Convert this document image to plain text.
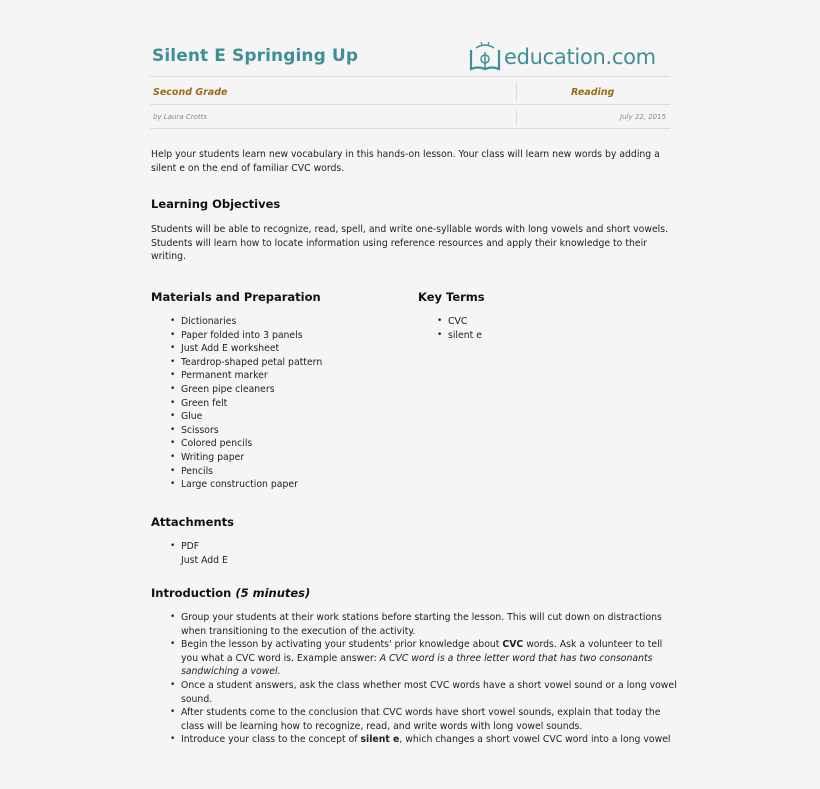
Silent E Springing Up	education.com
Second Grade	Reading
by Laura Crotts	July 22, 2015
Help your students learn new vocabulary in this hands-on lesson. Your class will learn new words by adding a
silent e on the end of familiar CVC words.
Learning Objectives
Students will be able to recognize, read, spell, and write one-syllable words with long vowels and short vowels.
Students will learn how to locate information using reference resources and apply their knowledge to their
writing.
Materials and Preparation
• Dictionaries
• Paper folded into 3 panels
• Just Add E worksheet
• Teardrop-shaped petal pattern
• Permanent marker
• Green pipe cleaners
• Green felt
• Glue
• Scissors
• Colored pencils
• Writing paper
• Pencils
• Large construction paper
Key Terms
• CVC
• silent e
Attachments
• PDF
Just Add E
Introduction (5 minutes)
• Group your students at their work stations before starting the lesson. This will cut down on distractions
when transitioning to the execution of the activity.
• Begin the lesson by activating your students' prior knowledge about CVC words. Ask a volunteer to tell
you what a CVC word is. Example answer: A CVC word is a three letter word that has two consonants
sandwiching a vowel.
• Once a student answers, ask the class whether most CVC words have a short vowel sound or a long vowel
sound.
• After students come to the conclusion that CVC words have short vowel sounds, explain that today the
class will be learning how to recognize, read, and write words with long vowel sounds.
• Introduce your class to the concept of silent e, which changes a short vowel CVC word into a long vowel
